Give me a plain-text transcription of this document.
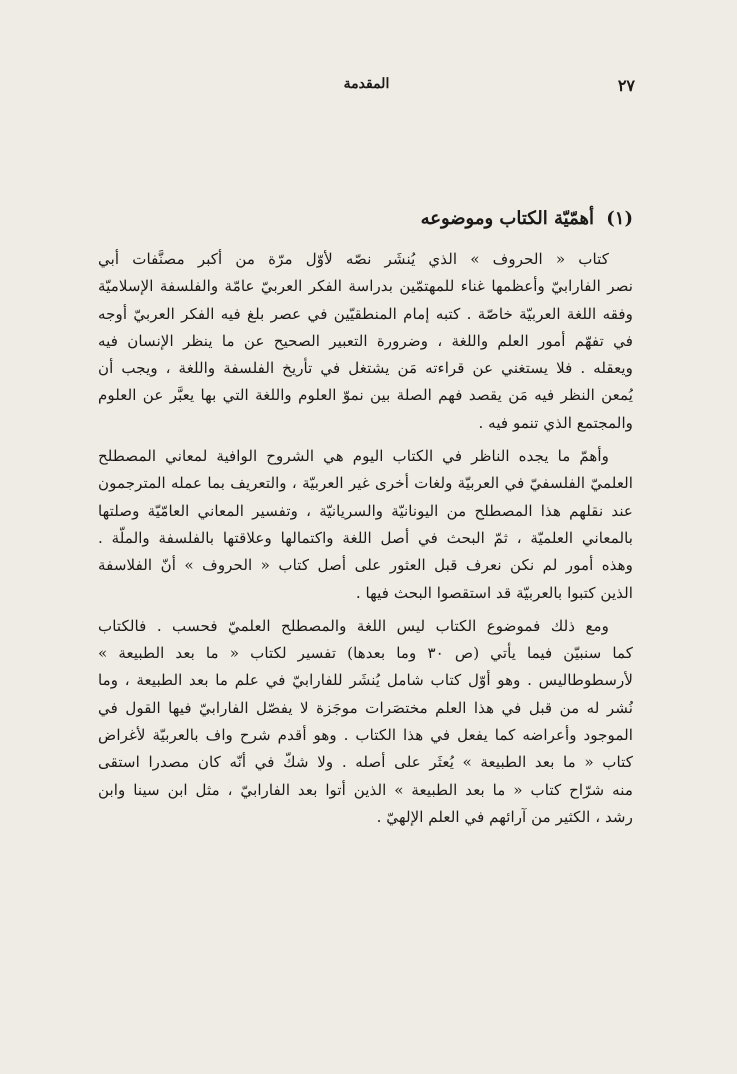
٢٧
المقدمة
(١) أهمّيّة الكتاب وموضوعه
كتاب « الحروف » الذي يُنشَر نصّه لأوّل مرّة من أكبر مصنَّفات أبي
نصر الفارابيّ وأعظمها غناء للمهتمّين بدراسة الفكر العربيّ عامّة والفلسفة الإسلاميّة
وفقه اللغة العربيّة خاصّة . كتبه إمام المنطقيّين في عصر بلغ فيه الفكر العربيّ أوجه
في تفهّم أمور العلم واللغة ، وضرورة التعبير الصحيح عن ما ينظر الإنسان فيه
ويعقله . فلا يستغني عن قراءته مَن يشتغل في تأريخ الفلسفة واللغة ، ويجب أن
يُمعن النظر فيه مَن يقصد فهم الصلة بين نموّ العلوم واللغة التي بها يعبَّر عن العلوم
والمجتمع الذي تنمو فيه .
وأهمّ ما يجده الناظر في الكتاب اليوم هي الشروح الوافية لمعاني المصطلح
العلميّ الفلسفيّ في العربيّة ولغات أخرى غير العربيّة ، والتعريف بما عمله المترجمون
عند نقلهم هذا المصطلح من اليونانيّة والسريانيّة ، وتفسير المعاني العامّيّة وصلتها
بالمعاني العلميّة ، ثمّ البحث في أصل اللغة واكتمالها وعلاقتها بالفلسفة والملّة .
وهذه أمور لم نكن نعرف قبل العثور على أصل كتاب « الحروف » أنّ الفلاسفة
الذين كتبوا بالعربيّة قد استقصوا البحث فيها .
ومع ذلك فموضوع الكتاب ليس اللغة والمصطلح العلميّ فحسب . فالكتاب
كما سنبيّن فيما يأتي (ص ٣٠ وما بعدها) تفسير لكتاب « ما بعد الطبيعة »
لأرسطوطاليس . وهو أوّل كتاب شامل يُنشَر للفارابيّ في علم ما بعد الطبيعة ، وما
نُشر له من قبل في هذا العلم مختصَرات موجَزة لا يفصّل الفارابيّ فيها القول في
الموجود وأعراضه كما يفعل في هذا الكتاب . وهو أقدم شرح واف بالعربيّة لأغراض
كتاب « ما بعد الطبيعة » يُعثَر على أصله . ولا شكّ في أنّه كان مصدرا استقى
منه شرّاح كتاب « ما بعد الطبيعة » الذين أتوا بعد الفارابيّ ، مثل ابن سينا وابن
رشد ، الكثير من آرائهم في العلم الإلهيّ .
